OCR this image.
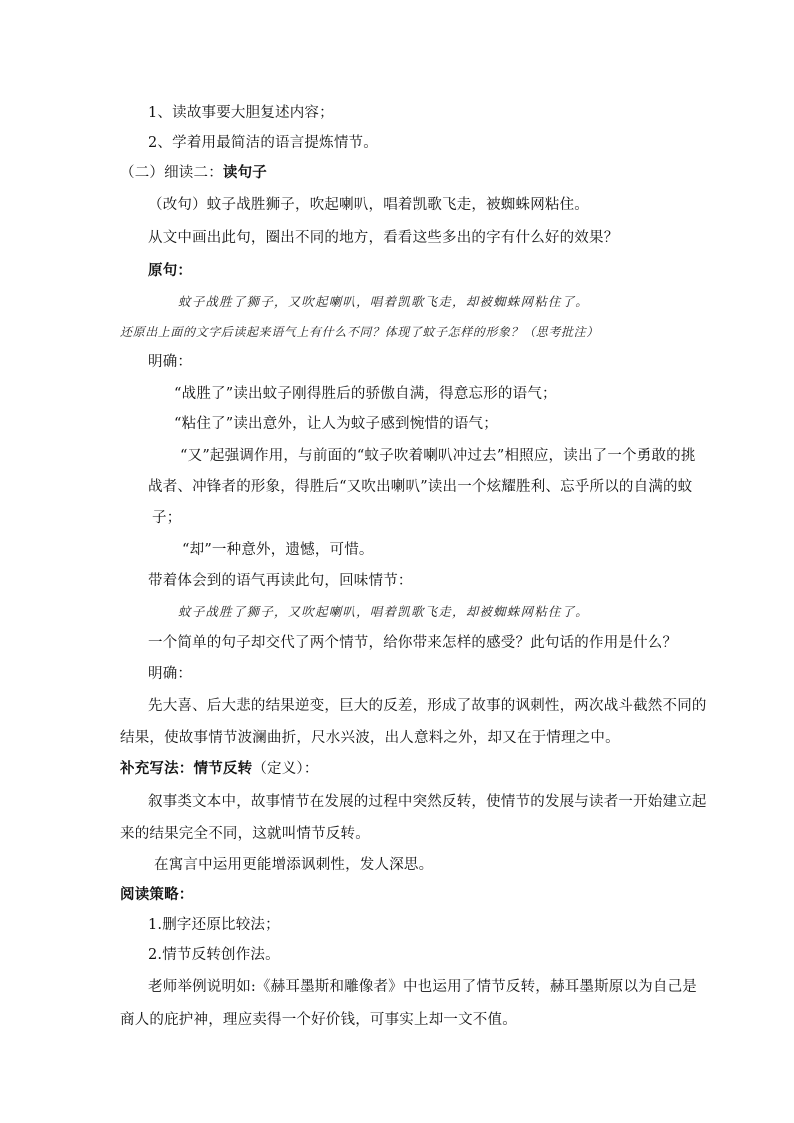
1、读故事要大胆复述内容；
2、学着用最简洁的语言提炼情节。
（二）细读二：读句子
（改句）蚊子战胜狮子，吹起喇叭，唱着凯歌飞走，被蜘蛛网粘住。
从文中画出此句，圈出不同的地方，看看这些多出的字有什么好的效果？
原句：
蚊子战胜了狮子，又吹起喇叭，唱着凯歌飞走，却被蜘蛛网粘住了。
还原出上面的文字后读起来语气上有什么不同？体现了蚊子怎样的形象？（思考批注）
明确：
“战胜了”读出蚊子刚得胜后的骄傲自满，得意忘形的语气；
“粘住了”读出意外，让人为蚊子感到惋惜的语气；
“又”起强调作用，与前面的“蚊子吹着喇叭冲过去”相照应，读出了一个勇敢的挑
战者、冲锋者的形象，得胜后“又吹出喇叭”读出一个炫耀胜利、忘乎所以的自满的蚊
子；
“却”一种意外，遗憾，可惜。
带着体会到的语气再读此句，回味情节：
蚊子战胜了狮子，又吹起喇叭，唱着凯歌飞走，却被蜘蛛网粘住了。
一个简单的句子却交代了两个情节，给你带来怎样的感受？此句话的作用是什么？
明确：
先大喜、后大悲的结果逆变，巨大的反差，形成了故事的讽刺性，两次战斗截然不同的
结果，使故事情节波澜曲折，尺水兴波，出人意料之外，却又在于情理之中。
补充写法：情节反转（定义）：
叙事类文本中，故事情节在发展的过程中突然反转，使情节的发展与读者一开始建立起
来的结果完全不同，这就叫情节反转。
在寓言中运用更能增添讽刺性，发人深思。
阅读策略：
1.删字还原比较法；
2.情节反转创作法。
老师举例说明如:《赫耳墨斯和雕像者》中也运用了情节反转，赫耳墨斯原以为自己是
商人的庇护神，理应卖得一个好价钱，可事实上却一文不值。
